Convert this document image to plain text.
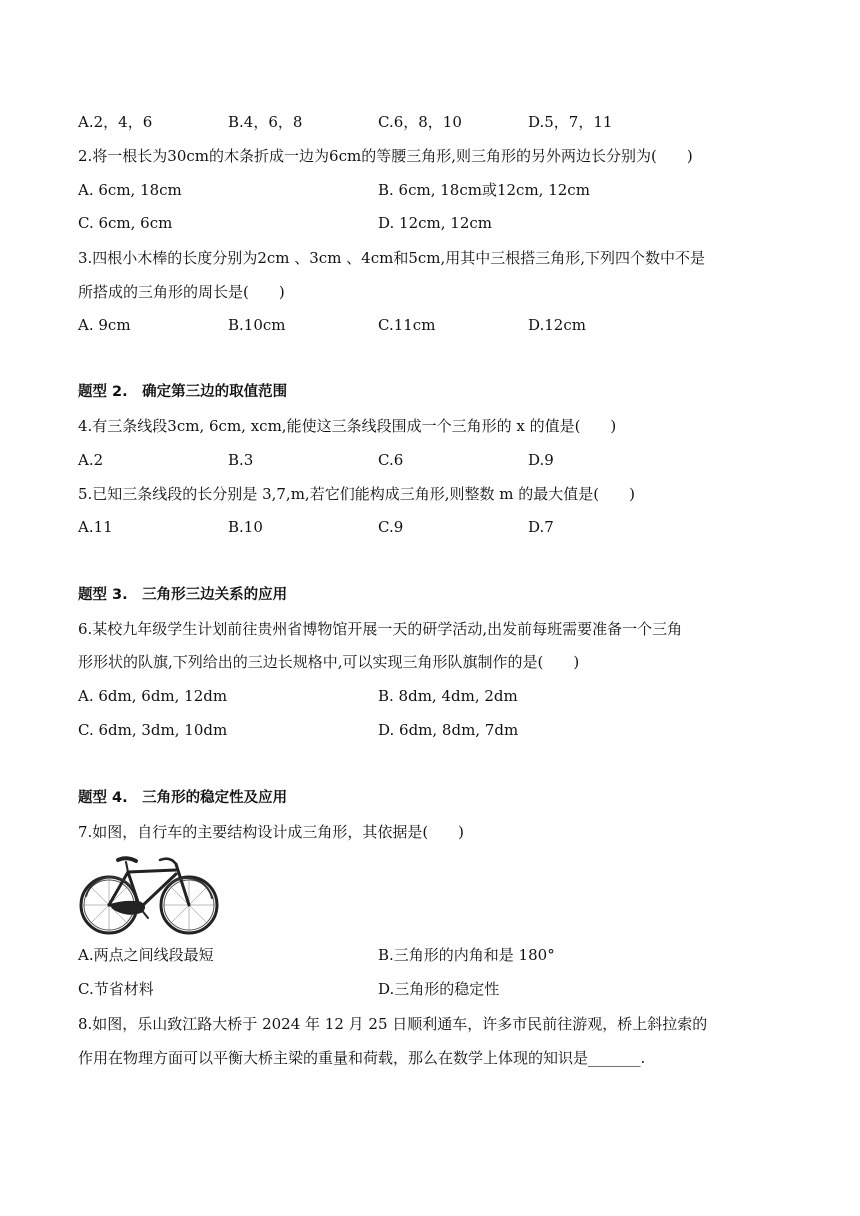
A.2，4，6	B.4，6，8	C.6，8，10	D.5，7，11
2.将一根长为30cm的木条折成一边为6cm的等腰三角形,则三角形的另外两边长分别为(　　)
A. 6cm, 18cm	B. 6cm, 18cm或12cm, 12cm
C. 6cm, 6cm	D. 12cm, 12cm
3.四根小木棒的长度分别为2cm 、3cm 、4cm和5cm,用其中三根搭三角形,下列四个数中不是
所搭成的三角形的周长是(　　)
A. 9cm	B.10cm	C.11cm	D.12cm
题型 2.　确定第三边的取值范围
4.有三条线段3cm, 6cm, xcm,能使这三条线段围成一个三角形的 x 的值是(　　)
A.2	B.3	C.6	D.9
5.已知三条线段的长分别是 3,7,m,若它们能构成三角形,则整数 m 的最大值是(　　)
A.11	B.10	C.9	D.7
题型 3.　三角形三边关系的应用
6.某校九年级学生计划前往贵州省博物馆开展一天的研学活动,出发前每班需要准备一个三角
形形状的队旗,下列给出的三边长规格中,可以实现三角形队旗制作的是(　　)
A. 6dm, 6dm, 12dm	B. 8dm, 4dm, 2dm
C. 6dm, 3dm, 10dm	D. 6dm, 8dm, 7dm
题型 4.　三角形的稳定性及应用
7.如图，自行车的主要结构设计成三角形，其依据是(　　)
A.两点之间线段最短	B.三角形的内角和是 180°
C.节省材料	D.三角形的稳定性
8.如图，乐山致江路大桥于 2024 年 12 月 25 日顺利通车，许多市民前往游观，桥上斜拉索的
作用在物理方面可以平衡大桥主梁的重量和荷载，那么在数学上体现的知识是_______.
